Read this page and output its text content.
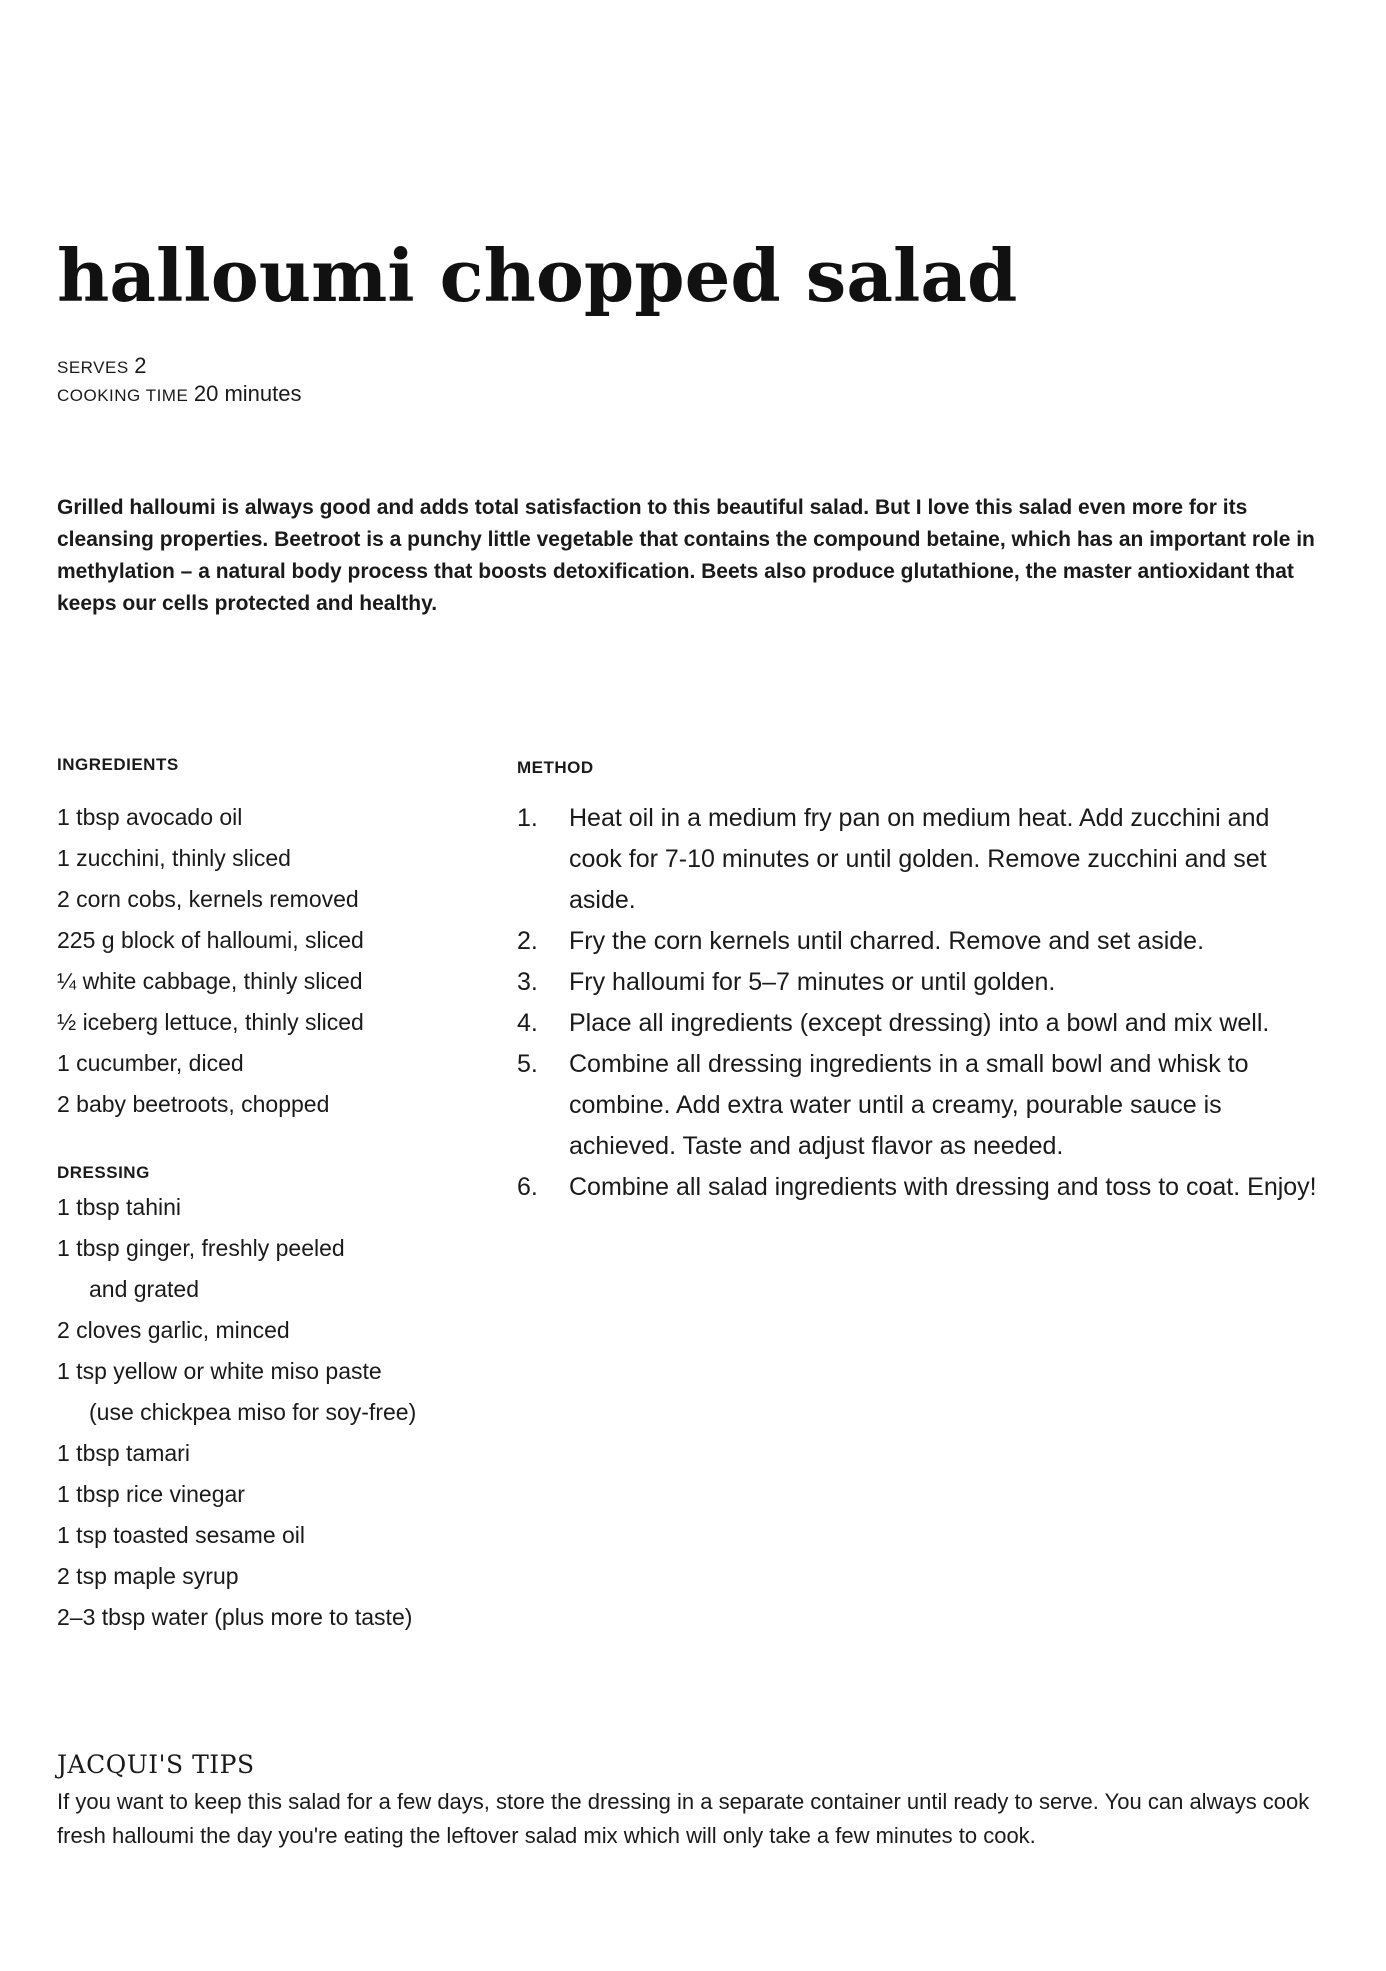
halloumi chopped salad
SERVES 2
COOKING TIME 20 minutes

Grilled halloumi is always good and adds total satisfaction to this beautiful salad. But I love this salad even more for its cleansing properties. Beetroot is a punchy little vegetable that contains the compound betaine, which has an important role in methylation – a natural body process that boosts detoxification. Beets also produce glutathione, the master antioxidant that keeps our cells protected and healthy.

INGREDIENTS
1 tbsp avocado oil
1 zucchini, thinly sliced
2 corn cobs, kernels removed
225 g block of halloumi, sliced
¼ white cabbage, thinly sliced
½ iceberg lettuce, thinly sliced
1 cucumber, diced
2 baby beetroots, chopped
DRESSING
1 tbsp tahini
1 tbsp ginger, freshly peeled
and grated
2 cloves garlic, minced
1 tsp yellow or white miso paste
(use chickpea miso for soy-free)
1 tbsp tamari
1 tbsp rice vinegar
1 tsp toasted sesame oil
2 tsp maple syrup
2–3 tbsp water (plus more to taste)
METHOD
1.	Heat oil in a medium fry pan on medium heat. Add zucchini and cook for 7-10 minutes or until golden. Remove zucchini and set aside.
2.	Fry the corn kernels until charred. Remove and set aside.
3.	Fry halloumi for 5–7 minutes or until golden.
4.	Place all ingredients (except dressing) into a bowl and mix well.
5.	Combine all dressing ingredients in a small bowl and whisk to combine. Add extra water until a creamy, pourable sauce is achieved. Taste and adjust flavor as needed.
6.	Combine all salad ingredients with dressing and toss to coat. Enjoy!
JACQUI'S TIPS

If you want to keep this salad for a few days, store the dressing in a separate container until ready to serve. You can always cook fresh halloumi the day you're eating the leftover salad mix which will only take a few minutes to cook.
